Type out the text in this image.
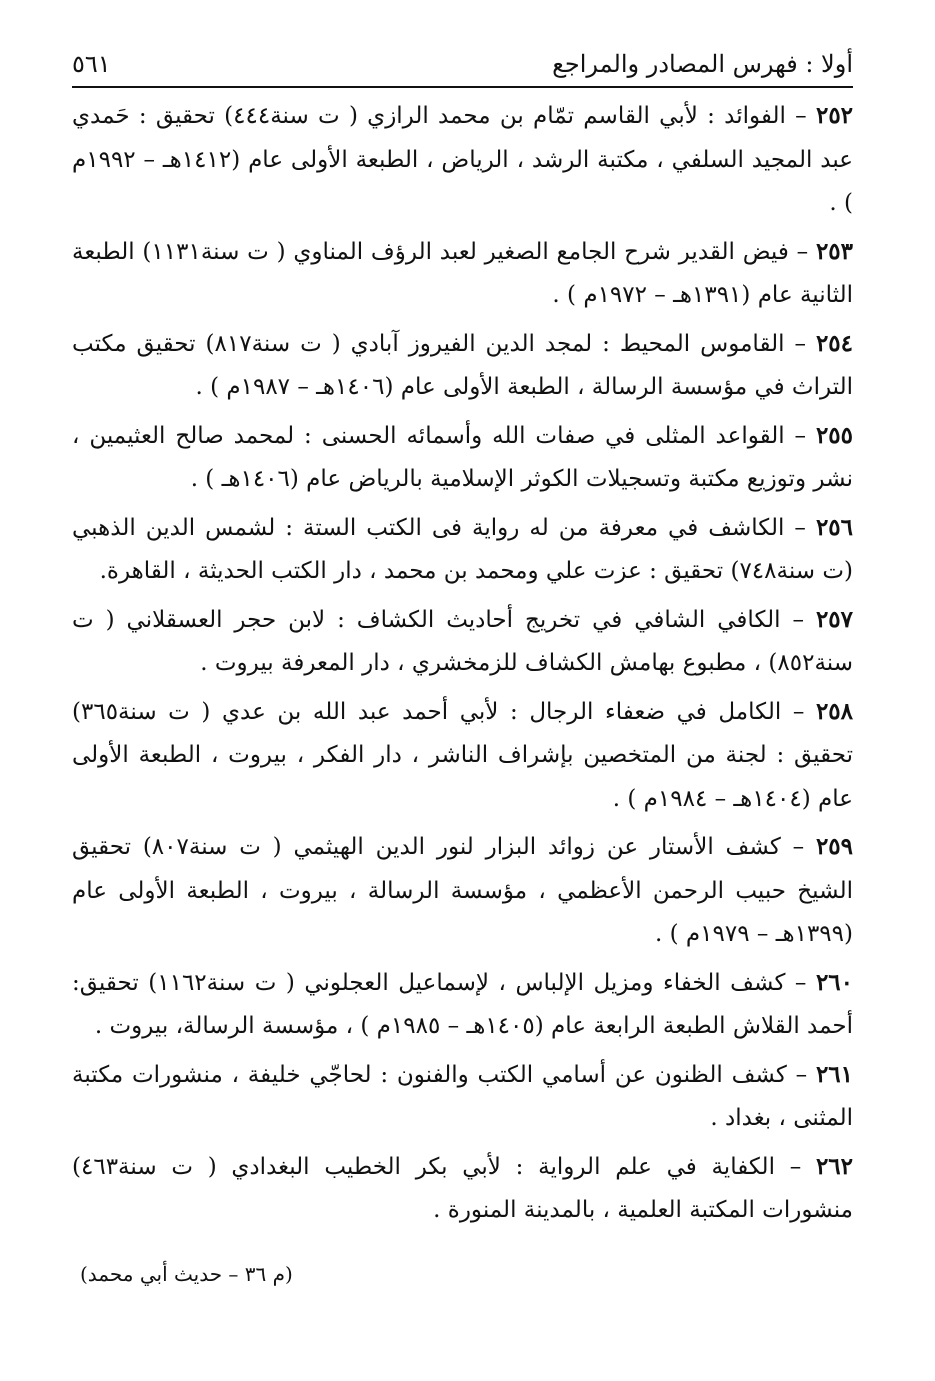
أولا : فهرس المصادر والمراجع
٥٦١

٢٥٢ – الفوائد : لأبي القاسم تمّام بن محمد الرازي ( ت سنة٤٤٤) تحقيق : حَمدي عبد المجيد السلفي ، مكتبة الرشد ، الرياض ، الطبعة الأولى عام (١٤١٢هـ – ١٩٩٢م ) .

٢٥٣ – فيض القدير شرح الجامع الصغير لعبد الرؤف المناوي ( ت سنة١١٣١) الطبعة الثانية عام (١٣٩١هـ – ١٩٧٢م ) .

٢٥٤ – القاموس المحيط : لمجد الدين الفيروز آبادي ( ت سنة٨١٧) تحقيق مكتب التراث في مؤسسة الرسالة ، الطبعة الأولى عام (١٤٠٦هـ – ١٩٨٧م ) .

٢٥٥ – القواعد المثلى في صفات الله وأسمائه الحسنى : لمحمد صالح العثيمين ، نشر وتوزيع مكتبة وتسجيلات الكوثر الإسلامية بالرياض عام (١٤٠٦هـ ) .

٢٥٦ – الكاشف في معرفة من له رواية فى الكتب الستة : لشمس الدين الذهبي (ت سنة٧٤٨) تحقيق : عزت علي ومحمد بن محمد ، دار الكتب الحديثة ، القاهرة.

٢٥٧ – الكافي الشافي في تخريج أحاديث الكشاف : لابن حجر العسقلاني ( ت سنة٨٥٢) ، مطبوع بهامش الكشاف للزمخشري ، دار المعرفة بيروت .

٢٥٨ – الكامل في ضعفاء الرجال : لأبي أحمد عبد الله بن عدي ( ت سنة٣٦٥) تحقيق : لجنة من المتخصين بإشراف الناشر ، دار الفكر ، بيروت ، الطبعة الأولى عام (١٤٠٤هـ – ١٩٨٤م ) .

٢٥٩ – كشف الأستار عن زوائد البزار لنور الدين الهيثمي ( ت سنة٨٠٧) تحقيق الشيخ حبيب الرحمن الأعظمي ، مؤسسة الرسالة ، بيروت ، الطبعة الأولى عام (١٣٩٩هـ – ١٩٧٩م ) .

٢٦٠ – كشف الخفاء ومزيل الإلباس ، لإسماعيل العجلوني ( ت سنة١١٦٢) تحقيق: أحمد القلاش الطبعة الرابعة عام (١٤٠٥هـ – ١٩٨٥م ) ، مؤسسة الرسالة، بيروت .

٢٦١ – كشف الظنون عن أسامي الكتب والفنون : لحاجّي خليفة ، منشورات مكتبة المثنى ، بغداد .

٢٦٢ – الكفاية في علم الرواية : لأبي بكر الخطيب البغدادي ( ت سنة٤٦٣) منشورات المكتبة العلمية ، بالمدينة المنورة .

(م ٣٦ – حديث أبي محمد)
